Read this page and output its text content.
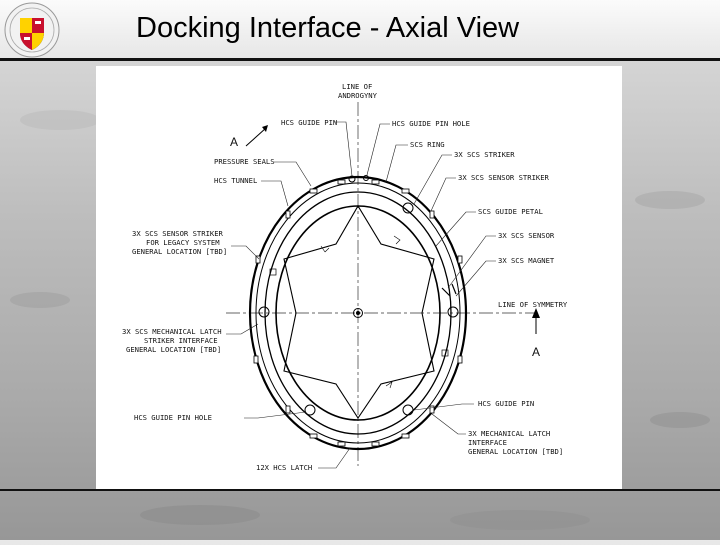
Docking Interface - Axial View
LINE OF
ANDROGYNY
HCS GUIDE PIN	HCS GUIDE PIN HOLE
SCS RING
3X SCS STRIKER
3X SCS SENSOR STRIKER
PRESSURE SEALS
HCS TUNNEL
SCS GUIDE PETAL
3X SCS SENSOR
3X SCS MAGNET
LINE OF SYMMETRY
3X SCS SENSOR STRIKER
FOR LEGACY SYSTEM
GENERAL LOCATION [TBD]
3X SCS MECHANICAL LATCH
STRIKER INTERFACE
GENERAL LOCATION [TBD]
HCS GUIDE PIN HOLE
HCS GUIDE PIN
3X MECHANICAL LATCH
INTERFACE
GENERAL LOCATION [TBD]
12X HCS LATCH
A
A
